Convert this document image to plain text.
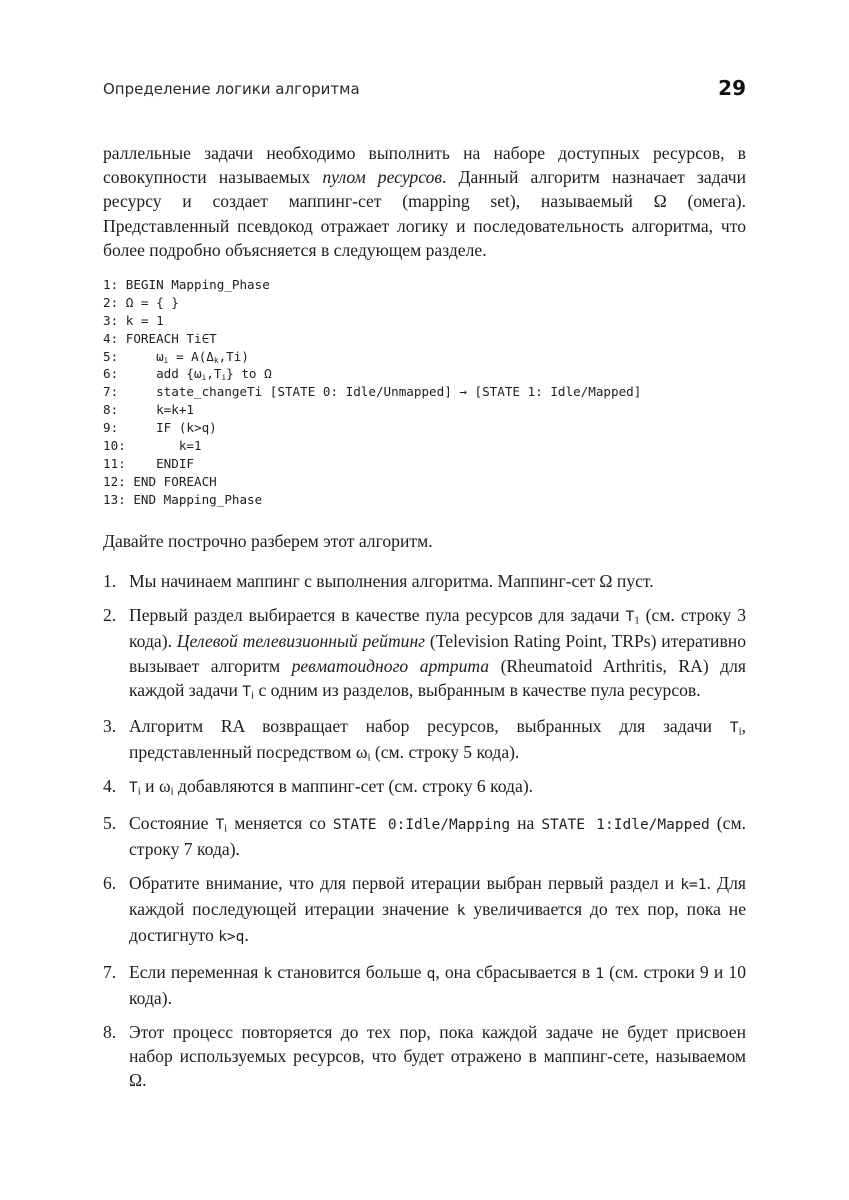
Определение логики алгоритма	29

раллельные задачи необходимо выполнить на наборе доступных ресурсов, в совокупности называемых пулом ресурсов. Данный алгоритм назначает задачи ресурсу и создает маппинг-сет (mapping set), называемый Ω (омега). Представленный псевдокод отражает логику и последовательность алгоритма, что более подробно объясняется в следующем разделе.

1: BEGIN Mapping_Phase
2: Ω = { }
3: k = 1
4: FOREACH Ti∈T
5:     $\omega_i = A(\Delta_k,Ti)$
6:     add $\{\omega_i,T_i\}$ to Ω
7:     state_changeTi [STATE 0: Idle/Unmapped] → [STATE 1: Idle/Mapped]
8:     k=k+1
9:     IF (k>q)
10:       k=1
11:    ENDIF
12: END FOREACH
13: END Mapping_Phase

Давайте построчно разберем этот алгоритм.

1. Мы начинаем маппинг с выполнения алгоритма. Маппинг-сет Ω пуст.
2. Первый раздел выбирается в качестве пула ресурсов для задачи $T_1$ (см. строку 3 кода). Целевой телевизионный рейтинг (Television Rating Point, TRPs) итеративно вызывает алгоритм ревматоидного артрита (Rheumatoid Arthritis, RA) для каждой задачи $T_i$ с одним из разделов, выбранным в качестве пула ресурсов.
3. Алгоритм RA возвращает набор ресурсов, выбранных для задачи $T_i$, представленный посредством $\omega_i$ (см. строку 5 кода).
4. $T_i$ и $\omega_i$ добавляются в маппинг-сет (см. строку 6 кода).
5. Состояние $T_i$ меняется со STATE 0:Idle/Mapping на STATE 1:Idle/Mapped (см. строку 7 кода).
6. Обратите внимание, что для первой итерации выбран первый раздел и k=1. Для каждой последующей итерации значение k увеличивается до тех пор, пока не достигнуто k>q.
7. Если переменная k становится больше q, она сбрасывается в 1 (см. строки 9 и 10 кода).
8. Этот процесс повторяется до тех пор, пока каждой задаче не будет присвоен набор используемых ресурсов, что будет отражено в маппинг-сете, называемом Ω.
